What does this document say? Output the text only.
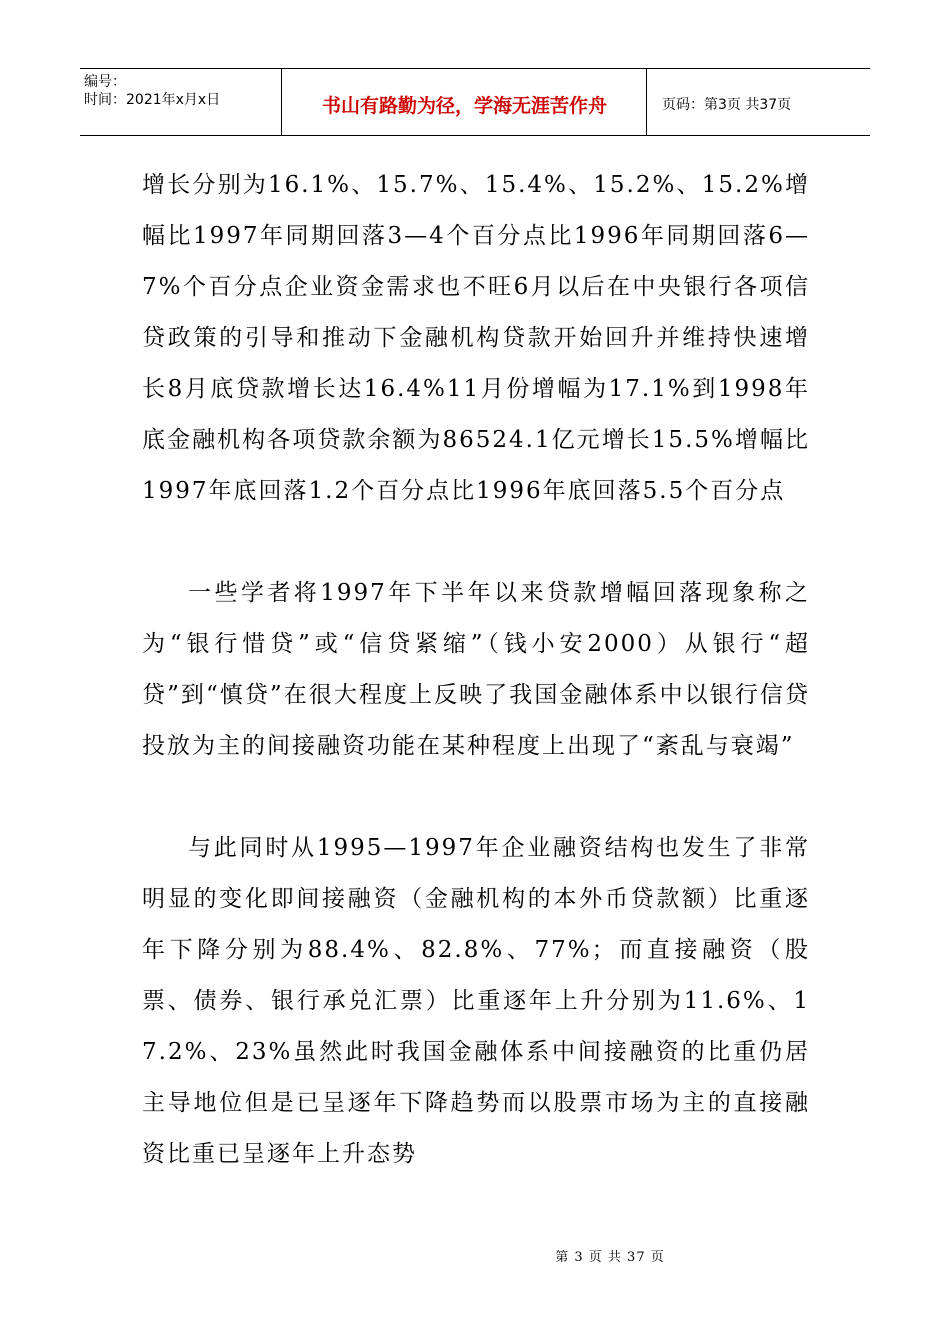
编号：
时间：2021年x月x日	书山有路勤为径，学海无涯苦作舟	页码：第3页 共37页

增长分别为16.1%、15.7%、15.4%、15.2%、15.2%增幅比1997年同期回落3—4个百分点比1996年同期回落6—7%个百分点企业资金需求也不旺6月以后在中央银行各项信贷政策的引导和推动下金融机构贷款开始回升并维持快速增长8月底贷款增长达16.4%11月份增幅为17.1%到1998年底金融机构各项贷款余额为86524.1亿元增长15.5%增幅比1997年底回落1.2个百分点比1996年底回落5.5个百分点

一些学者将1997年下半年以来贷款增幅回落现象称之为“银行惜贷”或“信贷紧缩”（钱小安2000）从银行“超贷”到“慎贷”在很大程度上反映了我国金融体系中以银行信贷投放为主的间接融资功能在某种程度上出现了“紊乱与衰竭”

与此同时从1995—1997年企业融资结构也发生了非常明显的变化即间接融资（金融机构的本外币贷款额）比重逐年下降分别为88.4%、82.8%、77%；而直接融资（股票、债券、银行承兑汇票）比重逐年上升分别为11.6%、17.2%、23%虽然此时我国金融体系中间接融资的比重仍居主导地位但是已呈逐年下降趋势而以股票市场为主的直接融资比重已呈逐年上升态势

第 3 页 共 37 页
